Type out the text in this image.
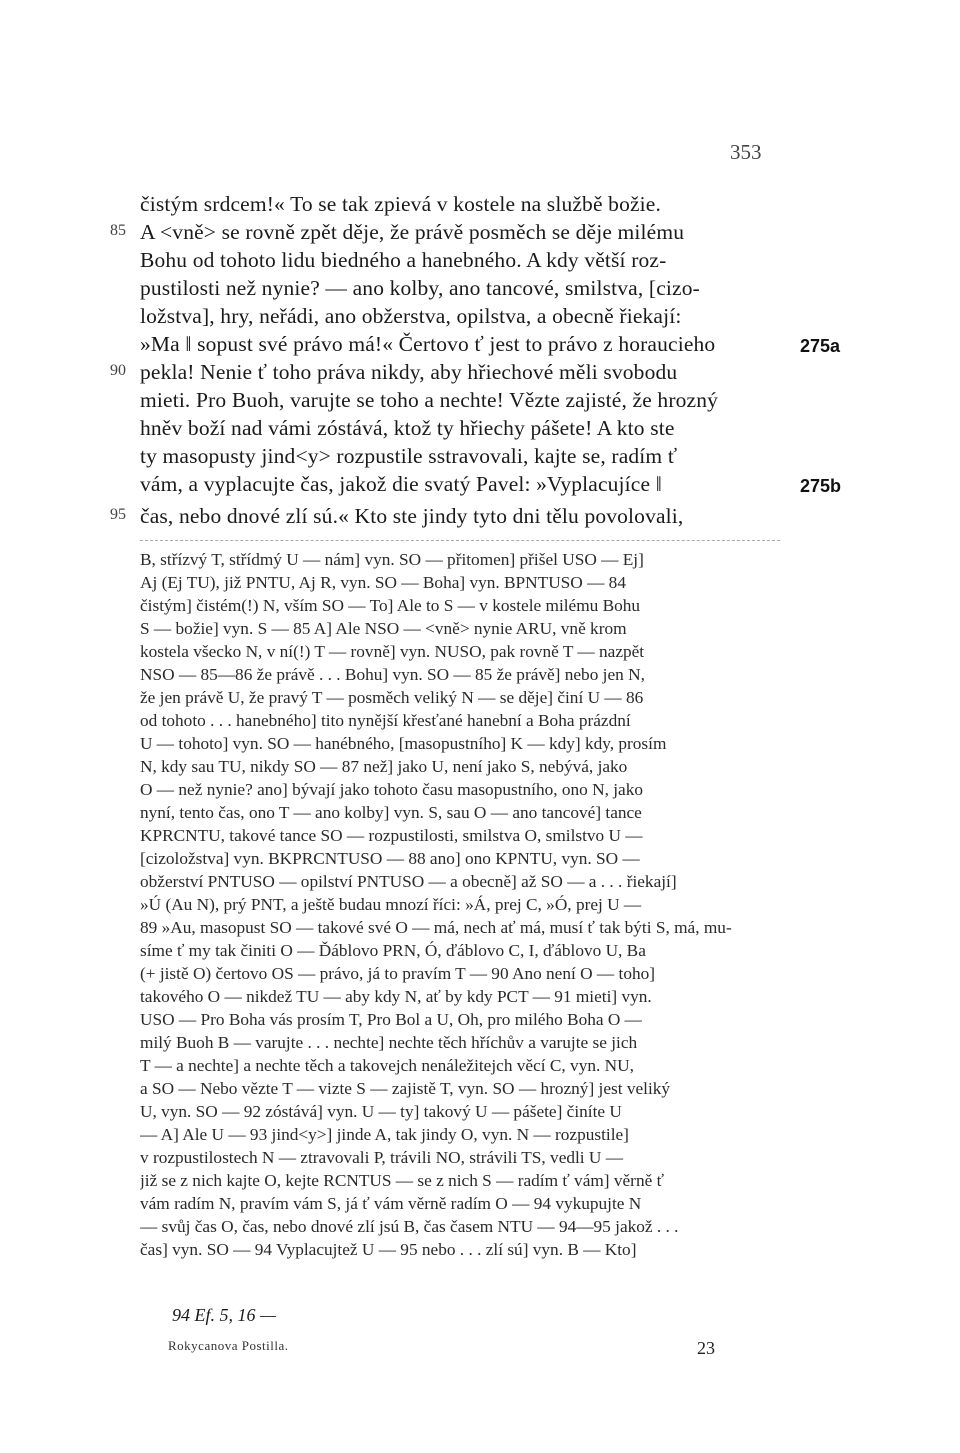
353
čistým srdcem!« To se tak zpievá v kostele na službě božie.
85 A <vně> se rovně zpět děje, že právě posměch se děje milému
Bohu od tohoto lidu biedného a hanebného. A kdy větší roz-
pustilosti než nynie? — ano kolby, ano tancové, smilstva, [cizo-
ložstva], hry, neřádi, ano obžerstva, opilstva, a obecně řiekají:
»Ma ‖ sopust své právo má!« Čertovo ť jest to právo z horaucieho	275a
90 pekla! Nenie ť toho práva nikdy, aby hřiechové měli svobodu
mieti. Pro Buoh, varujte se toho a nechte! Vězte zajisté, že hrozný
hněv boží nad vámi zóstává, ktož ty hřiechy pášete! A kto ste
ty masopusty jind<y> rozpustile sstravovali, kajte se, radím ť
vám, a vyplacujte čas, jakož die svatý Pavel: »Vyplacujíce ‖	275b
95 čas, nebo dnové zlí sú.« Kto ste jindy tyto dni tělu povolovali,
B, střízvý T, střídmý U — nám] vyn. SO — přitomen] přišel USO — Ej]
Aj (Ej TU), již PNTU, Aj R, vyn. SO — Boha] vyn. BPNTUSO — 84
čistým] čistém(!) N, vším SO — To] Ale to S — v kostele milému Bohu
S — božie] vyn. S — 85 A] Ale NSO — <vně> nynie ARU, vně krom
kostela všecko N, v ní(!) T — rovně] vyn. NUSO, pak rovně T — nazpět
NSO — 85—86 že právě . . . Bohu] vyn. SO — 85 že právě] nebo jen N,
že jen právě U, že pravý T — posměch veliký N — se děje] činí U — 86
od tohoto . . . hanebného] tito nynější křesťané hanební a Boha prázdní
U — tohoto] vyn. SO — hanébného, [masopustního] K — kdy] kdy, prosím
N, kdy sau TU, nikdy SO — 87 než] jako U, není jako S, nebývá, jako
O — než nynie? ano] bývají jako tohoto času masopustního, ono N, jako
nyní, tento čas, ono T — ano kolby] vyn. S, sau O — ano tancové] tance
KPRCNTU, takové tance SO — rozpustilosti, smilstva O, smilstvo U —
[cizoložstva] vyn. BKPRCNTUSO — 88 ano] ono KPNTU, vyn. SO —
obžerství PNTUSO — opilství PNTUSO — a obecně] až SO — a . . . řiekají]
»Ú (Au N), prý PNT, a ještě budau mnozí říci: »Á, prej C, »Ó, prej U —
89 »Au, masopust SO — takové své O — má, nech ať má, musí ť tak býti S, má, mu-
síme ť my tak činiti O — Ďáblovo PRN, Ó, ďáblovo C, I, ďáblovo U, Ba
(+ jistě O) čertovo OS — právo, já to pravím T — 90 Ano není O — toho]
takového O — nikdež TU — aby kdy N, ať by kdy PCT — 91 mieti] vyn.
USO — Pro Boha vás prosím T, Pro Bol a U, Oh, pro milého Boha O —
milý Buoh B — varujte . . . nechte] nechte těch hříchův a varujte se jich
T — a nechte] a nechte těch a takovejch nenáležitejch věcí C, vyn. NU,
a SO — Nebo vězte T — vizte S — zajistě T, vyn. SO — hrozný] jest veliký
U, vyn. SO — 92 zóstává] vyn. U — ty] takový U — pášete] činíte U
— A] Ale U — 93 jind<y>] jinde A, tak jindy O, vyn. N — rozpustile]
v rozpustilostech N — ztravovali P, trávili NO, strávili TS, vedli U —
již se z nich kajte O, kejte RCNTUS — se z nich S — radím ť vám] věrně ť
vám radím N, pravím vám S, já ť vám věrně radím O — 94 vykupujte N
— svůj čas O, čas, nebo dnové zlí jsú B, čas časem NTU — 94—95 jakož . . .
čas] vyn. SO — 94 Vyplacujtež U — 95 nebo . . . zlí sú] vyn. B — Kto]
94 Ef. 5, 16 —
Rokycanova Postilla.	23
